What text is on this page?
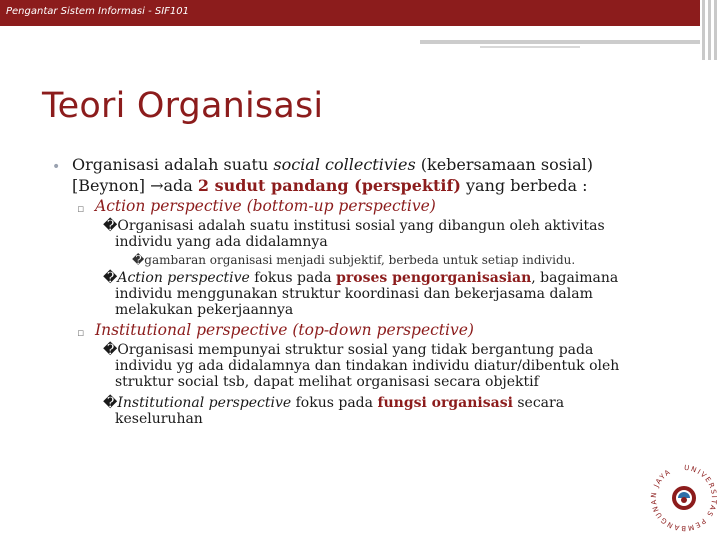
Pengantar Sistem Informasi - SIF101
Teori Organisasi
• Organisasi adalah suatu social collectivies (kebersamaan sosial)
[Beynon] →ada 2 sudut pandang (perspektif) yang berbeda :
▫ Action perspective (bottom-up perspective)
�Organisasi adalah suatu institusi sosial yang dibangun oleh aktivitas
individu yang ada didalamnya
�gambaran organisasi menjadi subjektif, berbeda untuk setiap individu.
�Action perspective fokus pada proses pengorganisasian, bagaimana
individu menggunakan struktur koordinasi dan bekerjasama dalam
melakukan pekerjaannya
▫ Institutional perspective (top-down perspective)
�Organisasi mempunyai struktur sosial yang tidak bergantung pada
individu yg ada didalamnya dan tindakan individu diatur/dibentuk oleh
struktur social tsb, dapat melihat organisasi secara objektif
�Institutional perspective fokus pada fungsi organisasi secara
keseluruhan
UNIVERSITAS PEMBANGUNAN JAYA
